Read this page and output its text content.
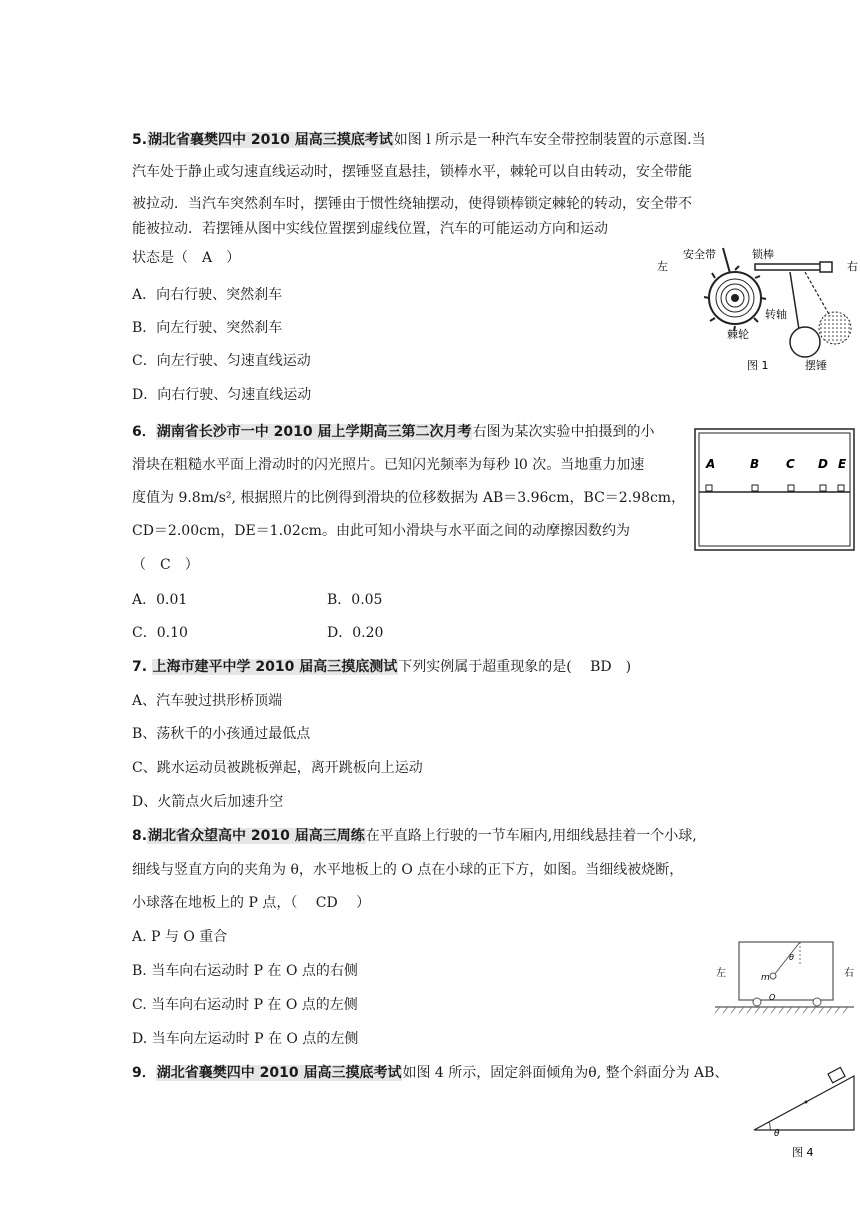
5.湖北省襄樊四中 2010 届高三摸底考试如图 l 所示是一种汽车安全带控制装置的示意图.当
汽车处于静止或匀速直线运动时，摆锤竖直悬挂，锁棒水平，棘轮可以自由转动，安全带能
被拉动．当汽车突然刹车时，摆锤由于惯性绕轴摆动，使得锁棒锁定棘轮的转动，安全带不
能被拉动．若摆锤从图中实线位置摆到虚线位置，汽车的可能运动方向和运动
状态是（　A　）
A．向右行驶、突然刹车
B．向左行驶、突然刹车
C．向左行驶、匀速直线运动
D．向右行驶、匀速直线运动
左	右
安全带	锁棒
转轴
棘轮
摆锤
图 1
6．湖南省长沙市一中 2010 届上学期高三第二次月考右图为某次实验中拍摄到的小
滑块在粗糙水平面上滑动时的闪光照片。已知闪光频率为每秒 l0 次。当地重力加速
度值为 9.8m/s², 根据照片的比例得到滑块的位移数据为 AB＝3.96cm，BC＝2.98cm，
CD＝2.00cm，DE＝1.02cm。由此可知小滑块与水平面之间的动摩擦因数约为
（　C　）
A．0.01	B．0.05
C．0.10	D．0.20
A	B C D E
7. 上海市建平中学 2010 届高三摸底测试下列实例属于超重现象的是(　 BD　)
A、汽车驶过拱形桥顶端
B、荡秋千的小孩通过最低点
C、跳水运动员被跳板弹起，离开跳板向上运动
D、火箭点火后加速升空
8.湖北省众望高中 2010 届高三周练在平直路上行驶的一节车厢内,用细线悬挂着一个小球,
细线与竖直方向的夹角为 θ，水平地板上的 O 点在小球的正下方，如图。当细线被烧断，
小球落在地板上的 P 点，（　 CD　 ）
A. P 与 O 重合
B. 当车向右运动时 P 在 O 点的右侧
C. 当车向右运动时 P 在 O 点的左侧
D. 当车向左运动时 P 在 O 点的左侧
左	右
m
θ
O
9．湖北省襄樊四中 2010 届高三摸底考试如图 4 所示，固定斜面倾角为θ, 整个斜面分为 AB、
θ
图 4
